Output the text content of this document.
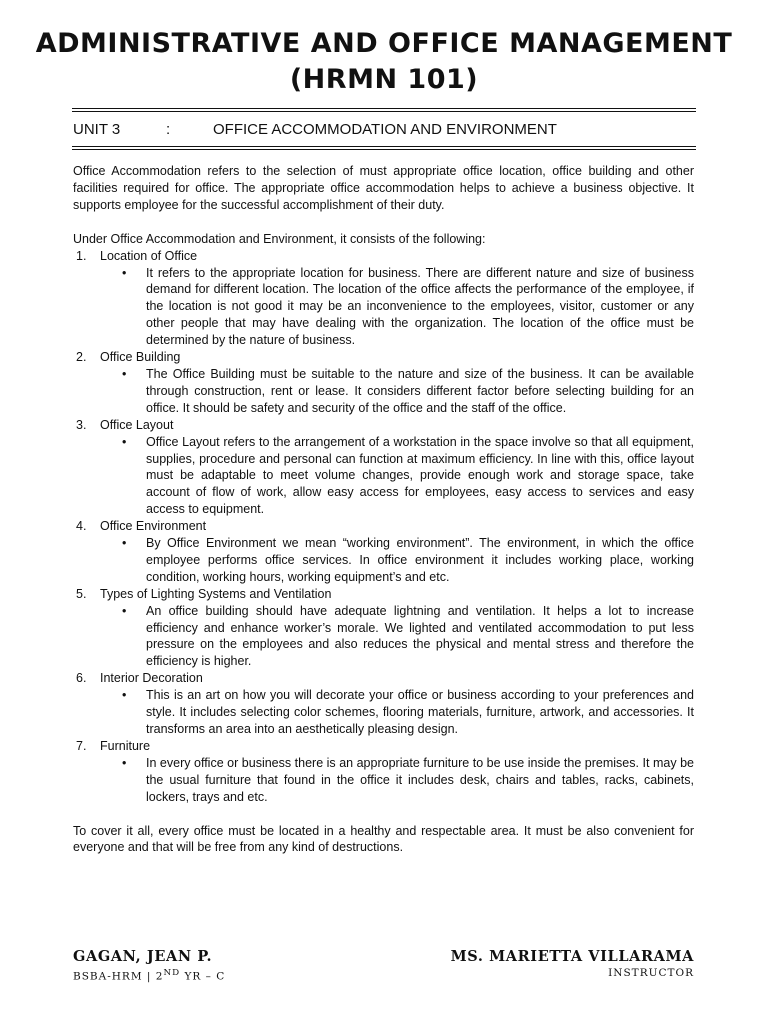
ADMINISTRATIVE AND OFFICE MANAGEMENT
(HRMN 101)
UNIT 3	:	OFFICE ACCOMMODATION AND ENVIRONMENT

Office Accommodation refers to the selection of must appropriate office location, office building and other facilities required for office. The appropriate office accommodation helps to achieve a business objective. It supports employee for the successful accomplishment of their duty.

Under Office Accommodation and Environment, it consists of the following:

1. Location of Office
• It refers to the appropriate location for business. There are different nature and size of business demand for different location. The location of the office affects the performance of the employee, if the location is not good it may be an inconvenience to the employees, visitor, customer or any other people that may have dealing with the organization. The location of the office must be determined by the nature of business.
2. Office Building
• The Office Building must be suitable to the nature and size of the business. It can be available through construction, rent or lease. It considers different factor before selecting building for an office. It should be safety and security of the office and the staff of the office.
3. Office Layout
• Office Layout refers to the arrangement of a workstation in the space involve so that all equipment, supplies, procedure and personal can function at maximum efficiency. In line with this, office layout must be adaptable to meet volume changes, provide enough work and storage space, take account of flow of work, allow easy access for employees, easy access to services and easy access to equipment.
4. Office Environment
• By Office Environment we mean “working environment”. The environment, in which the office employee performs office services. In office environment it includes working place, working condition, working hours, working equipment’s and etc.
5. Types of Lighting Systems and Ventilation
• An office building should have adequate lightning and ventilation. It helps a lot to increase efficiency and enhance worker’s morale. We lighted and ventilated accommodation to put less pressure on the employees and also reduces the physical and mental stress and therefore the efficiency is higher.
6. Interior Decoration
• This is an art on how you will decorate your office or business according to your preferences and style. It includes selecting color schemes, flooring materials, furniture, artwork, and accessories. It transforms an area into an aesthetically pleasing design.
7. Furniture
• In every office or business there is an appropriate furniture to be use inside the premises. It may be the usual furniture that found in the office it includes desk, chairs and tables, racks, cabinets, lockers, trays and etc.

To cover it all, every office must be located in a healthy and respectable area. It must be also convenient for everyone and that will be free from any kind of destructions.

GAGAN, JEAN P.
BSBA-HRM | 2ND YR – C
MS. MARIETTA VILLARAMA
INSTRUCTOR
